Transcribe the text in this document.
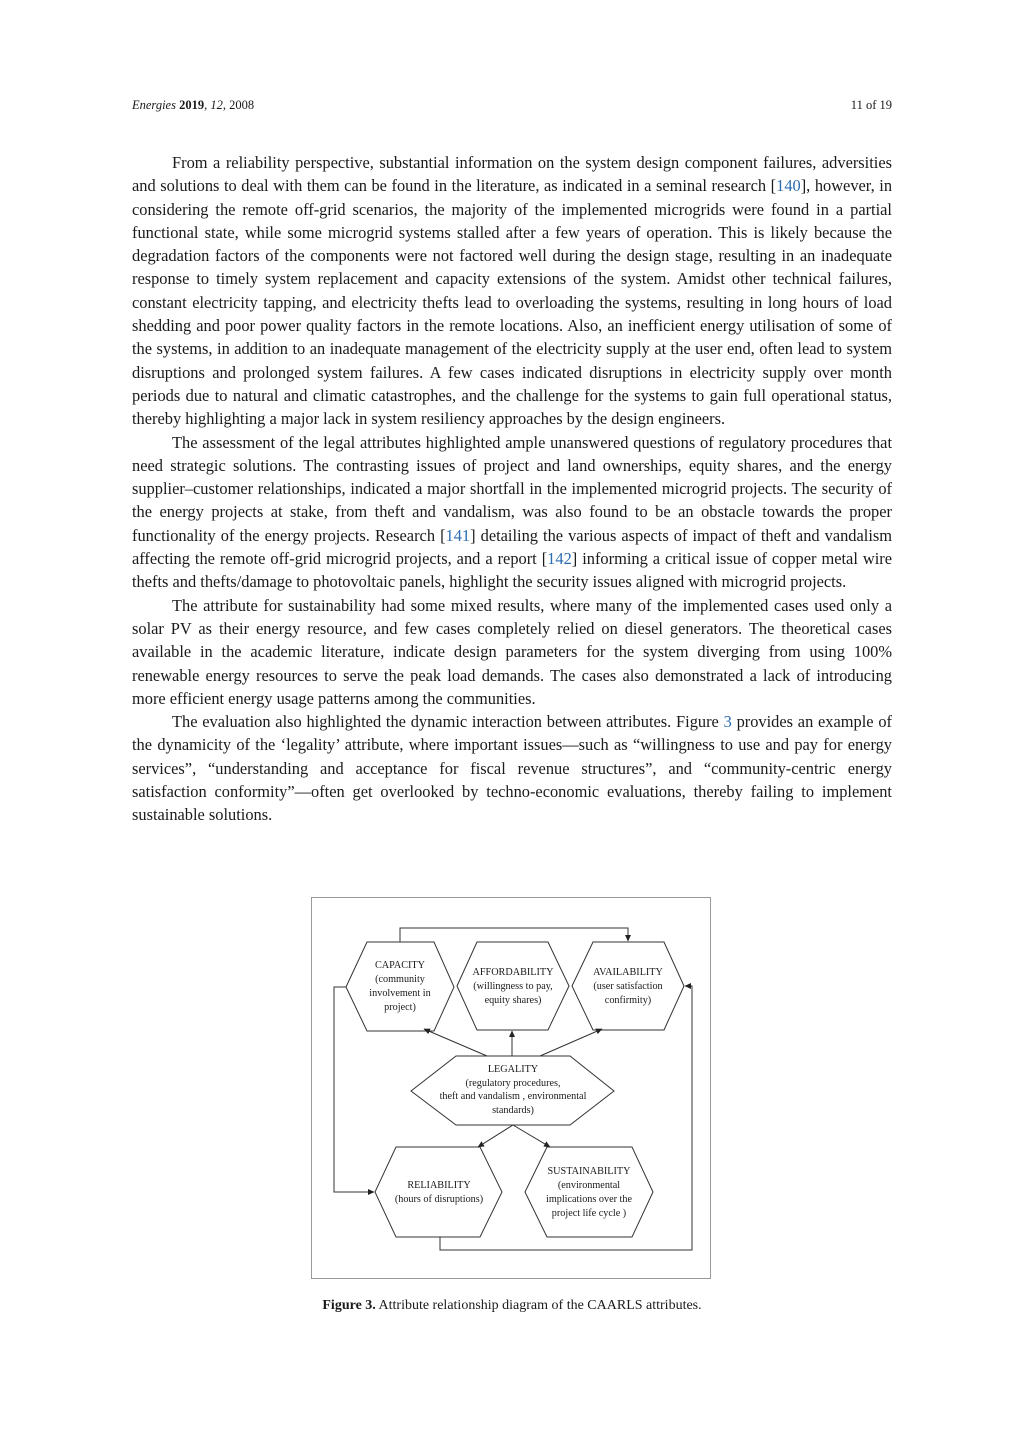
Energies 2019, 12, 2008	11 of 19

From a reliability perspective, substantial information on the system design component failures, adversities and solutions to deal with them can be found in the literature, as indicated in a seminal research [140], however, in considering the remote off-grid scenarios, the majority of the implemented microgrids were found in a partial functional state, while some microgrid systems stalled after a few years of operation. This is likely because the degradation factors of the components were not factored well during the design stage, resulting in an inadequate response to timely system replacement and capacity extensions of the system. Amidst other technical failures, constant electricity tapping, and electricity thefts lead to overloading the systems, resulting in long hours of load shedding and poor power quality factors in the remote locations. Also, an inefficient energy utilisation of some of the systems, in addition to an inadequate management of the electricity supply at the user end, often lead to system disruptions and prolonged system failures. A few cases indicated disruptions in electricity supply over month periods due to natural and climatic catastrophes, and the challenge for the systems to gain full operational status, thereby highlighting a major lack in system resiliency approaches by the design engineers.

The assessment of the legal attributes highlighted ample unanswered questions of regulatory procedures that need strategic solutions. The contrasting issues of project and land ownerships, equity shares, and the energy supplier–customer relationships, indicated a major shortfall in the implemented microgrid projects. The security of the energy projects at stake, from theft and vandalism, was also found to be an obstacle towards the proper functionality of the energy projects. Research [141] detailing the various aspects of impact of theft and vandalism affecting the remote off-grid microgrid projects, and a report [142] informing a critical issue of copper metal wire thefts and thefts/damage to photovoltaic panels, highlight the security issues aligned with microgrid projects.

The attribute for sustainability had some mixed results, where many of the implemented cases used only a solar PV as their energy resource, and few cases completely relied on diesel generators. The theoretical cases available in the academic literature, indicate design parameters for the system diverging from using 100% renewable energy resources to serve the peak load demands. The cases also demonstrated a lack of introducing more efficient energy usage patterns among the communities.

The evaluation also highlighted the dynamic interaction between attributes. Figure 3 provides an example of the dynamicity of the ‘legality’ attribute, where important issues—such as “willingness to use and pay for energy services”, “understanding and acceptance for fiscal revenue structures”, and “community-centric energy satisfaction conformity”—often get overlooked by techno-economic evaluations, thereby failing to implement sustainable solutions.

CAPACITY
(community
involvement in
project)
AFFORDABILITY
(willingness to pay,
equity shares)
AVAILABILITY
(user satisfaction
confirmity)
LEGALITY
(regulatory procedures,
theft and vandalism , environmental
standards)
RELIABILITY
(hours of disruptions)
SUSTAINABILITY
(environmental
implications over the
project life cycle )
Figure 3. Attribute relationship diagram of the CAARLS attributes.
